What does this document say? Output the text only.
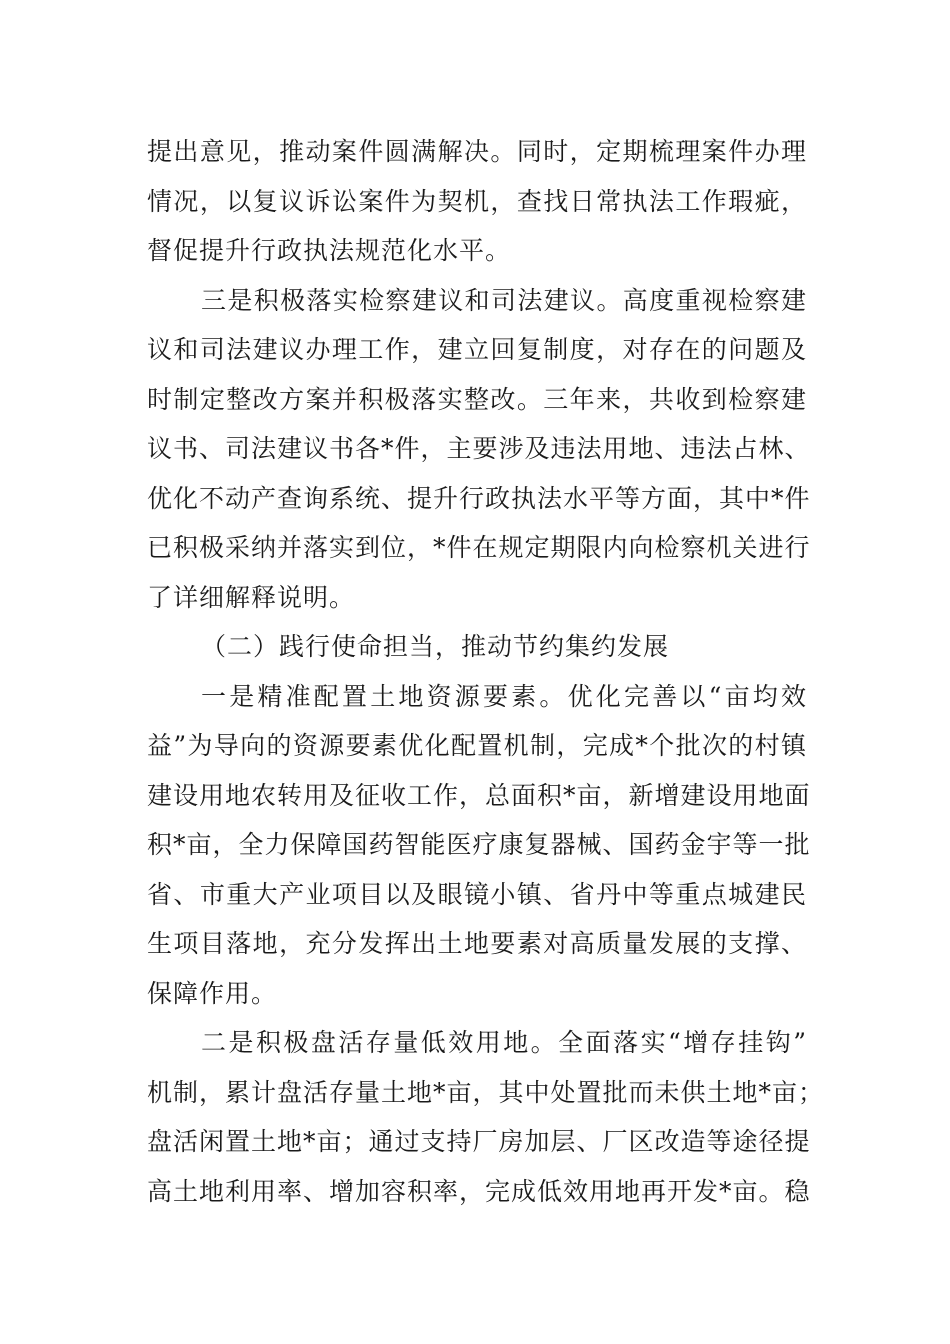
提出意见，推动案件圆满解决。同时，定期梳理案件办理
情况，以复议诉讼案件为契机，查找日常执法工作瑕疵，
督促提升行政执法规范化水平。
三是积极落实检察建议和司法建议。高度重视检察建
议和司法建议办理工作，建立回复制度，对存在的问题及
时制定整改方案并积极落实整改。三年来，共收到检察建
议书、司法建议书各*件，主要涉及违法用地、违法占林、
优化不动产查询系统、提升行政执法水平等方面，其中*件
已积极采纳并落实到位，*件在规定期限内向检察机关进行
了详细解释说明。
（二）践行使命担当，推动节约集约发展
一是精准配置土地资源要素。优化完善以“亩均效
益”为导向的资源要素优化配置机制，完成*个批次的村镇
建设用地农转用及征收工作，总面积*亩，新增建设用地面
积*亩，全力保障国药智能医疗康复器械、国药金宇等一批
省、市重大产业项目以及眼镜小镇、省丹中等重点城建民
生项目落地，充分发挥出土地要素对高质量发展的支撑、
保障作用。
二是积极盘活存量低效用地。全面落实“增存挂钩”
机制，累计盘活存量土地*亩，其中处置批而未供土地*亩；
盘活闲置土地*亩；通过支持厂房加层、厂区改造等途径提
高土地利用率、增加容积率，完成低效用地再开发*亩。稳
